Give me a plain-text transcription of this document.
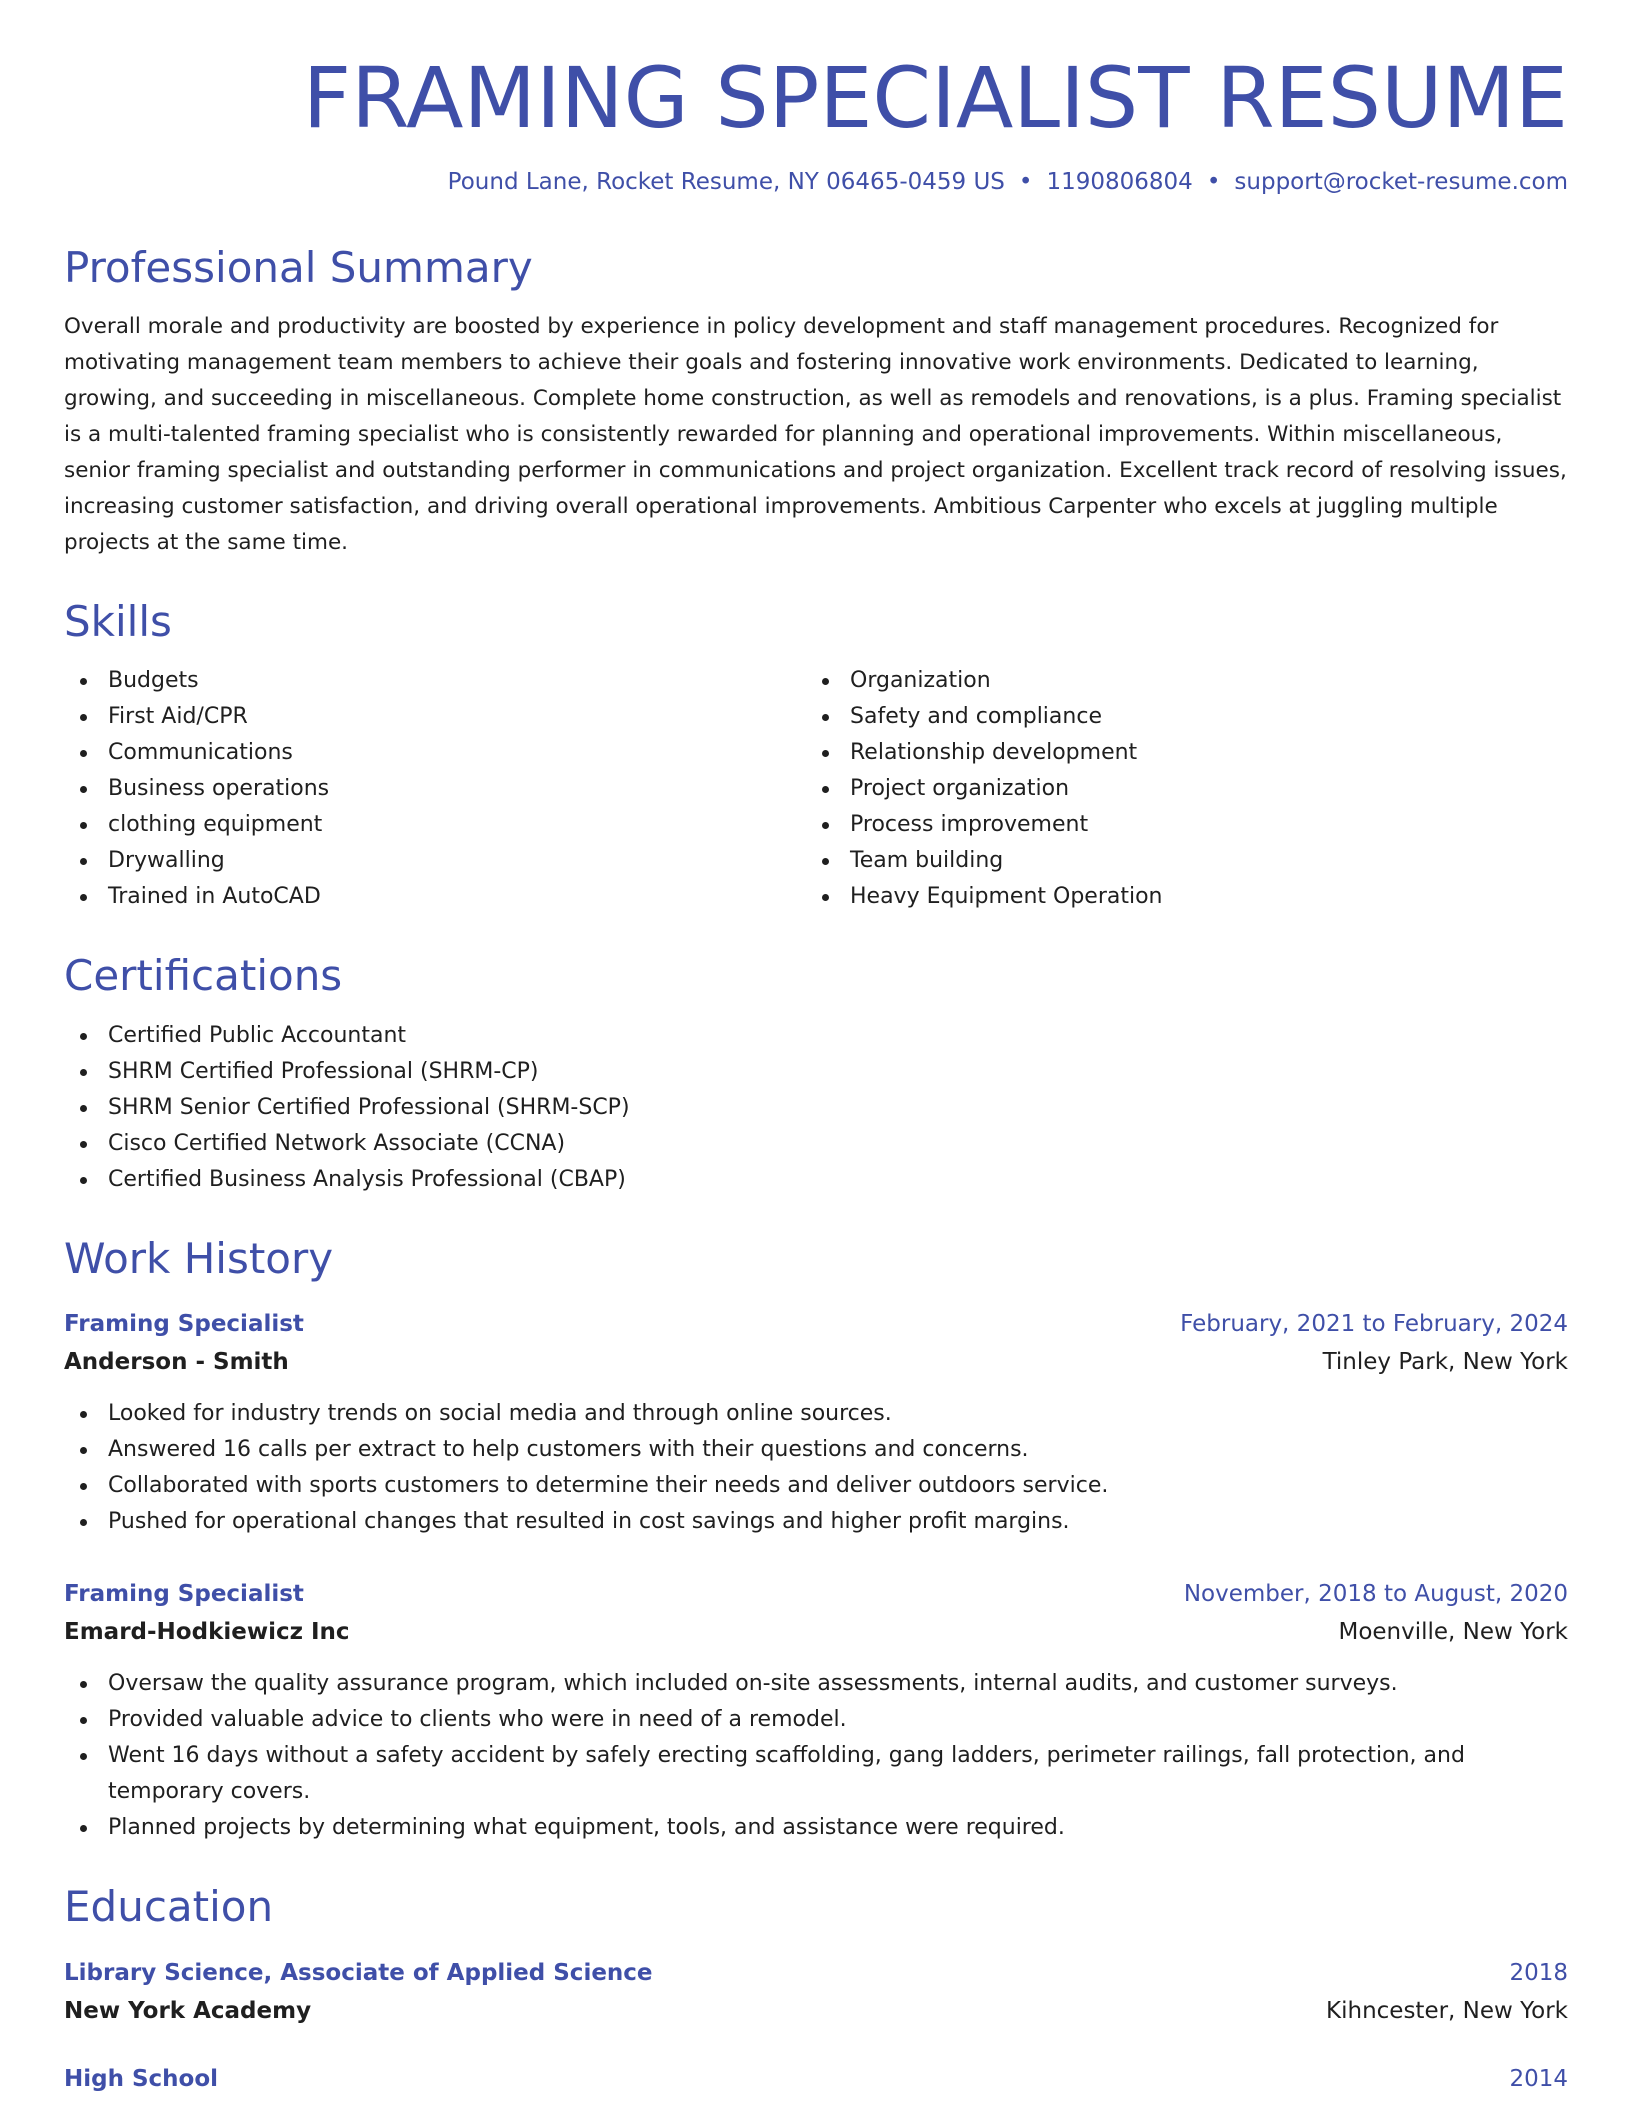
FRAMING SPECIALIST RESUME
Pound Lane, Rocket Resume, NY 06465-0459 US • 1190806804 • support@rocket-resume.com
Professional Summary

Overall morale and productivity are boosted by experience in policy development and staff management procedures. Recognized for motivating management team members to achieve their goals and fostering innovative work environments. Dedicated to learning, growing, and succeeding in miscellaneous. Complete home construction, as well as remodels and renovations, is a plus. Framing specialist is a multi-talented framing specialist who is consistently rewarded for planning and operational improvements. Within miscellaneous, senior framing specialist and outstanding performer in communications and project organization. Excellent track record of resolving issues, increasing customer satisfaction, and driving overall operational improvements. Ambitious Carpenter who excels at juggling multiple projects at the same time.

Skills
Budgets
First Aid/CPR
Communications
Business operations
clothing equipment
Drywalling
Trained in AutoCAD
Organization
Safety and compliance
Relationship development
Project organization
Process improvement
Team building
Heavy Equipment Operation
Certifications
Certified Public Accountant
SHRM Certified Professional (SHRM-CP)
SHRM Senior Certified Professional (SHRM-SCP)
Cisco Certified Network Associate (CCNA)
Certified Business Analysis Professional (CBAP)
Work History
Framing Specialist	February, 2021 to February, 2024
Anderson - Smith	Tinley Park, New York
Looked for industry trends on social media and through online sources.
Answered 16 calls per extract to help customers with their questions and concerns.
Collaborated with sports customers to determine their needs and deliver outdoors service.
Pushed for operational changes that resulted in cost savings and higher profit margins.
Framing Specialist	November, 2018 to August, 2020
Emard-Hodkiewicz Inc	Moenville, New York
Oversaw the quality assurance program, which included on-site assessments, internal audits, and customer surveys.
Provided valuable advice to clients who were in need of a remodel.
Went 16 days without a safety accident by safely erecting scaffolding, gang ladders, perimeter railings, fall protection, and temporary covers.
Planned projects by determining what equipment, tools, and assistance were required.
Education
Library Science, Associate of Applied Science	2018
New York Academy	Kihncester, New York
High School	2014
